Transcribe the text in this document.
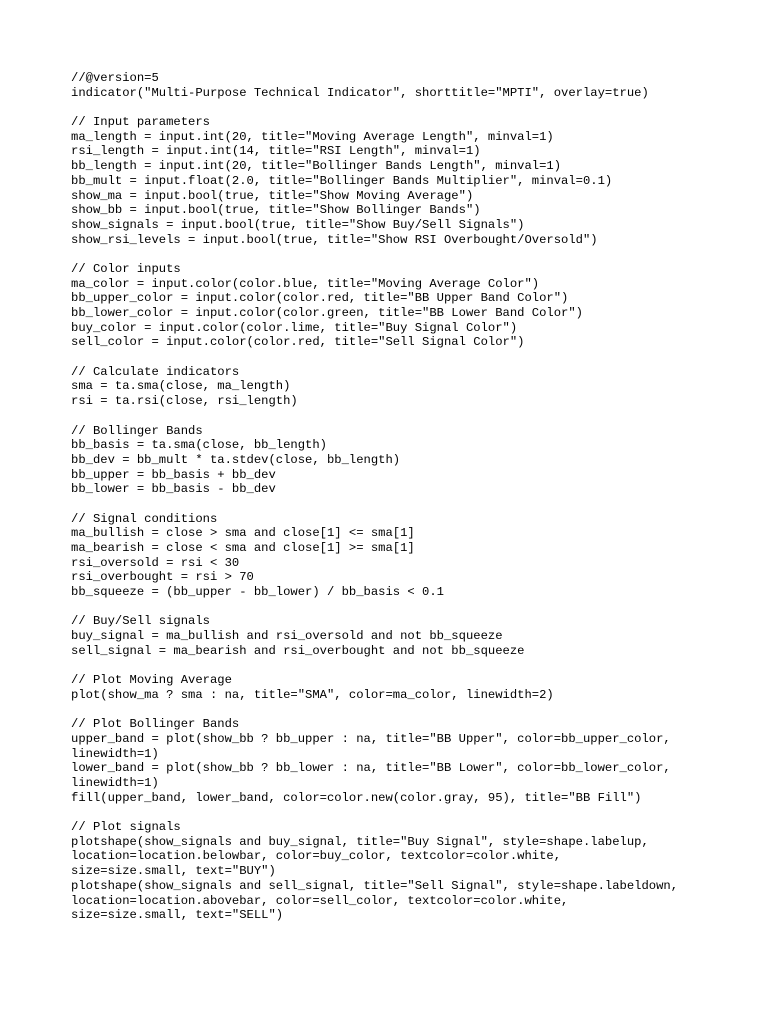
//@version=5
indicator("Multi-Purpose Technical Indicator", shorttitle="MPTI", overlay=true)
// Input parameters
ma_length = input.int(20, title="Moving Average Length", minval=1)
rsi_length = input.int(14, title="RSI Length", minval=1)
bb_length = input.int(20, title="Bollinger Bands Length", minval=1)
bb_mult = input.float(2.0, title="Bollinger Bands Multiplier", minval=0.1)
show_ma = input.bool(true, title="Show Moving Average")
show_bb = input.bool(true, title="Show Bollinger Bands")
show_signals = input.bool(true, title="Show Buy/Sell Signals")
show_rsi_levels = input.bool(true, title="Show RSI Overbought/Oversold")
// Color inputs
ma_color = input.color(color.blue, title="Moving Average Color")
bb_upper_color = input.color(color.red, title="BB Upper Band Color")
bb_lower_color = input.color(color.green, title="BB Lower Band Color")
buy_color = input.color(color.lime, title="Buy Signal Color")
sell_color = input.color(color.red, title="Sell Signal Color")
// Calculate indicators
sma = ta.sma(close, ma_length)
rsi = ta.rsi(close, rsi_length)
// Bollinger Bands
bb_basis = ta.sma(close, bb_length)
bb_dev = bb_mult * ta.stdev(close, bb_length)
bb_upper = bb_basis + bb_dev
bb_lower = bb_basis - bb_dev
// Signal conditions
ma_bullish = close > sma and close[1] <= sma[1]
ma_bearish = close < sma and close[1] >= sma[1]
rsi_oversold = rsi < 30
rsi_overbought = rsi > 70
bb_squeeze = (bb_upper - bb_lower) / bb_basis < 0.1
// Buy/Sell signals
buy_signal = ma_bullish and rsi_oversold and not bb_squeeze
sell_signal = ma_bearish and rsi_overbought and not bb_squeeze
// Plot Moving Average
plot(show_ma ? sma : na, title="SMA", color=ma_color, linewidth=2)
// Plot Bollinger Bands
upper_band = plot(show_bb ? bb_upper : na, title="BB Upper", color=bb_upper_color,
linewidth=1)
lower_band = plot(show_bb ? bb_lower : na, title="BB Lower", color=bb_lower_color,
linewidth=1)
fill(upper_band, lower_band, color=color.new(color.gray, 95), title="BB Fill")
// Plot signals
plotshape(show_signals and buy_signal, title="Buy Signal", style=shape.labelup,
location=location.belowbar, color=buy_color, textcolor=color.white,
size=size.small, text="BUY")
plotshape(show_signals and sell_signal, title="Sell Signal", style=shape.labeldown,
location=location.abovebar, color=sell_color, textcolor=color.white,
size=size.small, text="SELL")
